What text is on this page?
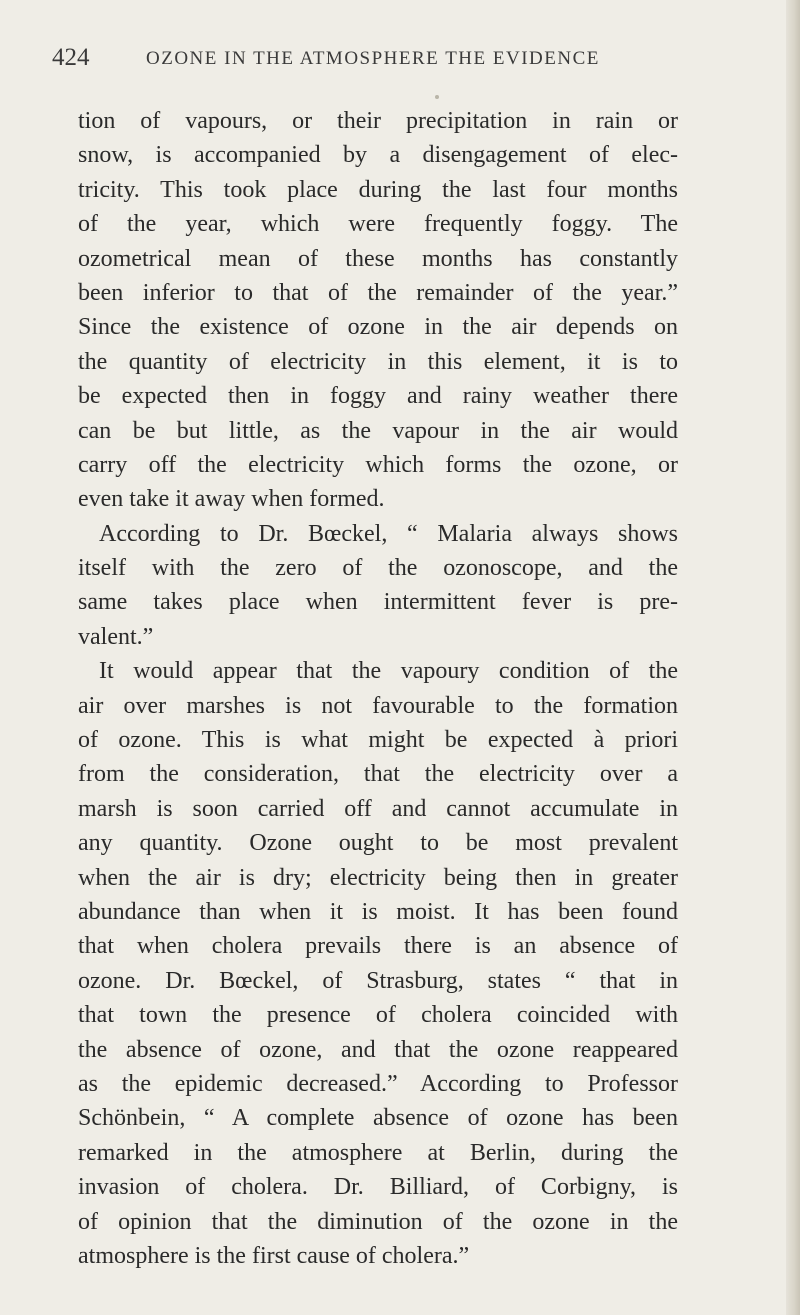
424	OZONE IN THE ATMOSPHERE THE EVIDENCE
tion of vapours, or their precipitation in rain or
snow, is accompanied by a disengagement of elec-
tricity. This took place during the last four months
of the year, which were frequently foggy. The
ozometrical mean of these months has constantly
been inferior to that of the remainder of the year.”
Since the existence of ozone in the air depends on
the quantity of electricity in this element, it is to
be expected then in foggy and rainy weather there
can be but little, as the vapour in the air would
carry off the electricity which forms the ozone, or
even take it away when formed.
According to Dr. Bœckel, “ Malaria always shows
itself with the zero of the ozonoscope, and the
same takes place when intermittent fever is pre-
valent.”
It would appear that the vapoury condition of the
air over marshes is not favourable to the formation
of ozone. This is what might be expected à priori
from the consideration, that the electricity over a
marsh is soon carried off and cannot accumulate in
any quantity. Ozone ought to be most prevalent
when the air is dry; electricity being then in greater
abundance than when it is moist. It has been found
that when cholera prevails there is an absence of
ozone. Dr. Bœckel, of Strasburg, states “ that in
that town the presence of cholera coincided with
the absence of ozone, and that the ozone reappeared
as the epidemic decreased.” According to Professor
Schönbein, “ A complete absence of ozone has been
remarked in the atmosphere at Berlin, during the
invasion of cholera. Dr. Billiard, of Corbigny, is
of opinion that the diminution of the ozone in the
atmosphere is the first cause of cholera.”
